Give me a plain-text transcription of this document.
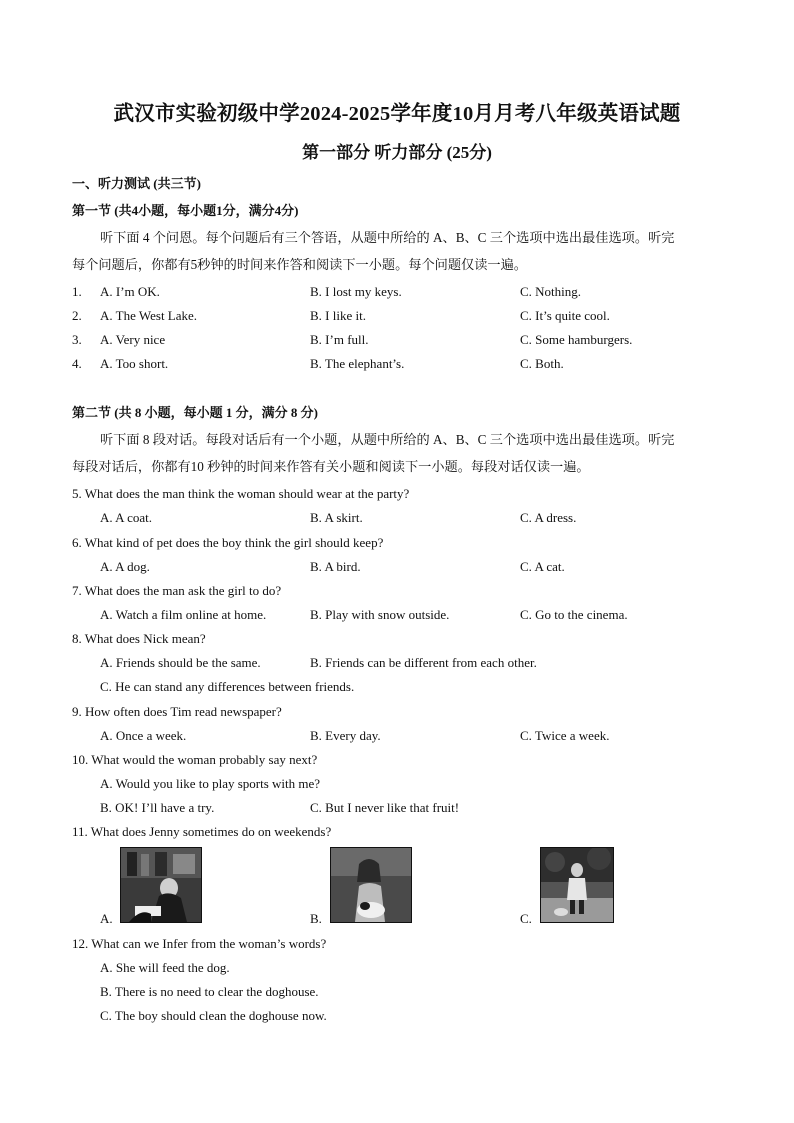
武汉市实验初级中学2024-2025学年度10月月考八年级英语试题
第一部分 听力部分 (25分)
一、听力测试 (共三节)
第一节 (共4小题，每小题1分，满分4分)
听下面 4 个问恩。每个问题后有三个答语，从题中所给的 A、B、C 三个选项中选出最佳选项。听完
每个问题后，你都有5秒钟的时间来作答和阅读下一小题。每个问题仅读一遍。
1. A. I’m OK.	B. I lost my keys.	C. Nothing.
2. A. The West Lake.	B. I like it.	C. It’s quite cool.
3. A. Very nice	B. I’m full.	C. Some hamburgers.
4. A. Too short.	B. The elephant’s.	C. Both.
第二节 (共 8 小题，每小题 1 分，满分 8 分)
听下面 8 段对话。每段对话后有一个小题，从题中所给的 A、B、C 三个选项中选出最佳选项。听完
每段对话后，你都有10 秒钟的时间来作答有关小题和阅读下一小题。每段对话仅读一遍。
5. What does the man think the woman should wear at the party?
A. A coat.	B. A skirt.	C. A dress.
6. What kind of pet does the boy think the girl should keep?
A. A dog.	B. A bird.	C. A cat.
7. What does the man ask the girl to do?
A. Watch a film online at home.	B. Play with snow outside.	C. Go to the cinema.
8. What does Nick mean?
A. Friends should be the same.	B. Friends can be different from each other.
C. He can stand any differences between friends.
9. How often does Tim read newspaper?
A. Once a week.	B. Every day.	C. Twice a week.
10. What would the woman probably say next?
A. Would you like to play sports with me?
B. OK! I’ll have a try.	C. But I never like that fruit!
11. What does Jenny sometimes do on weekends?
A.	B.	C.
12. What can we Infer from the woman’s words?
A. She will feed the dog.
B. There is no need to clear the doghouse.
C. The boy should clean the doghouse now.
